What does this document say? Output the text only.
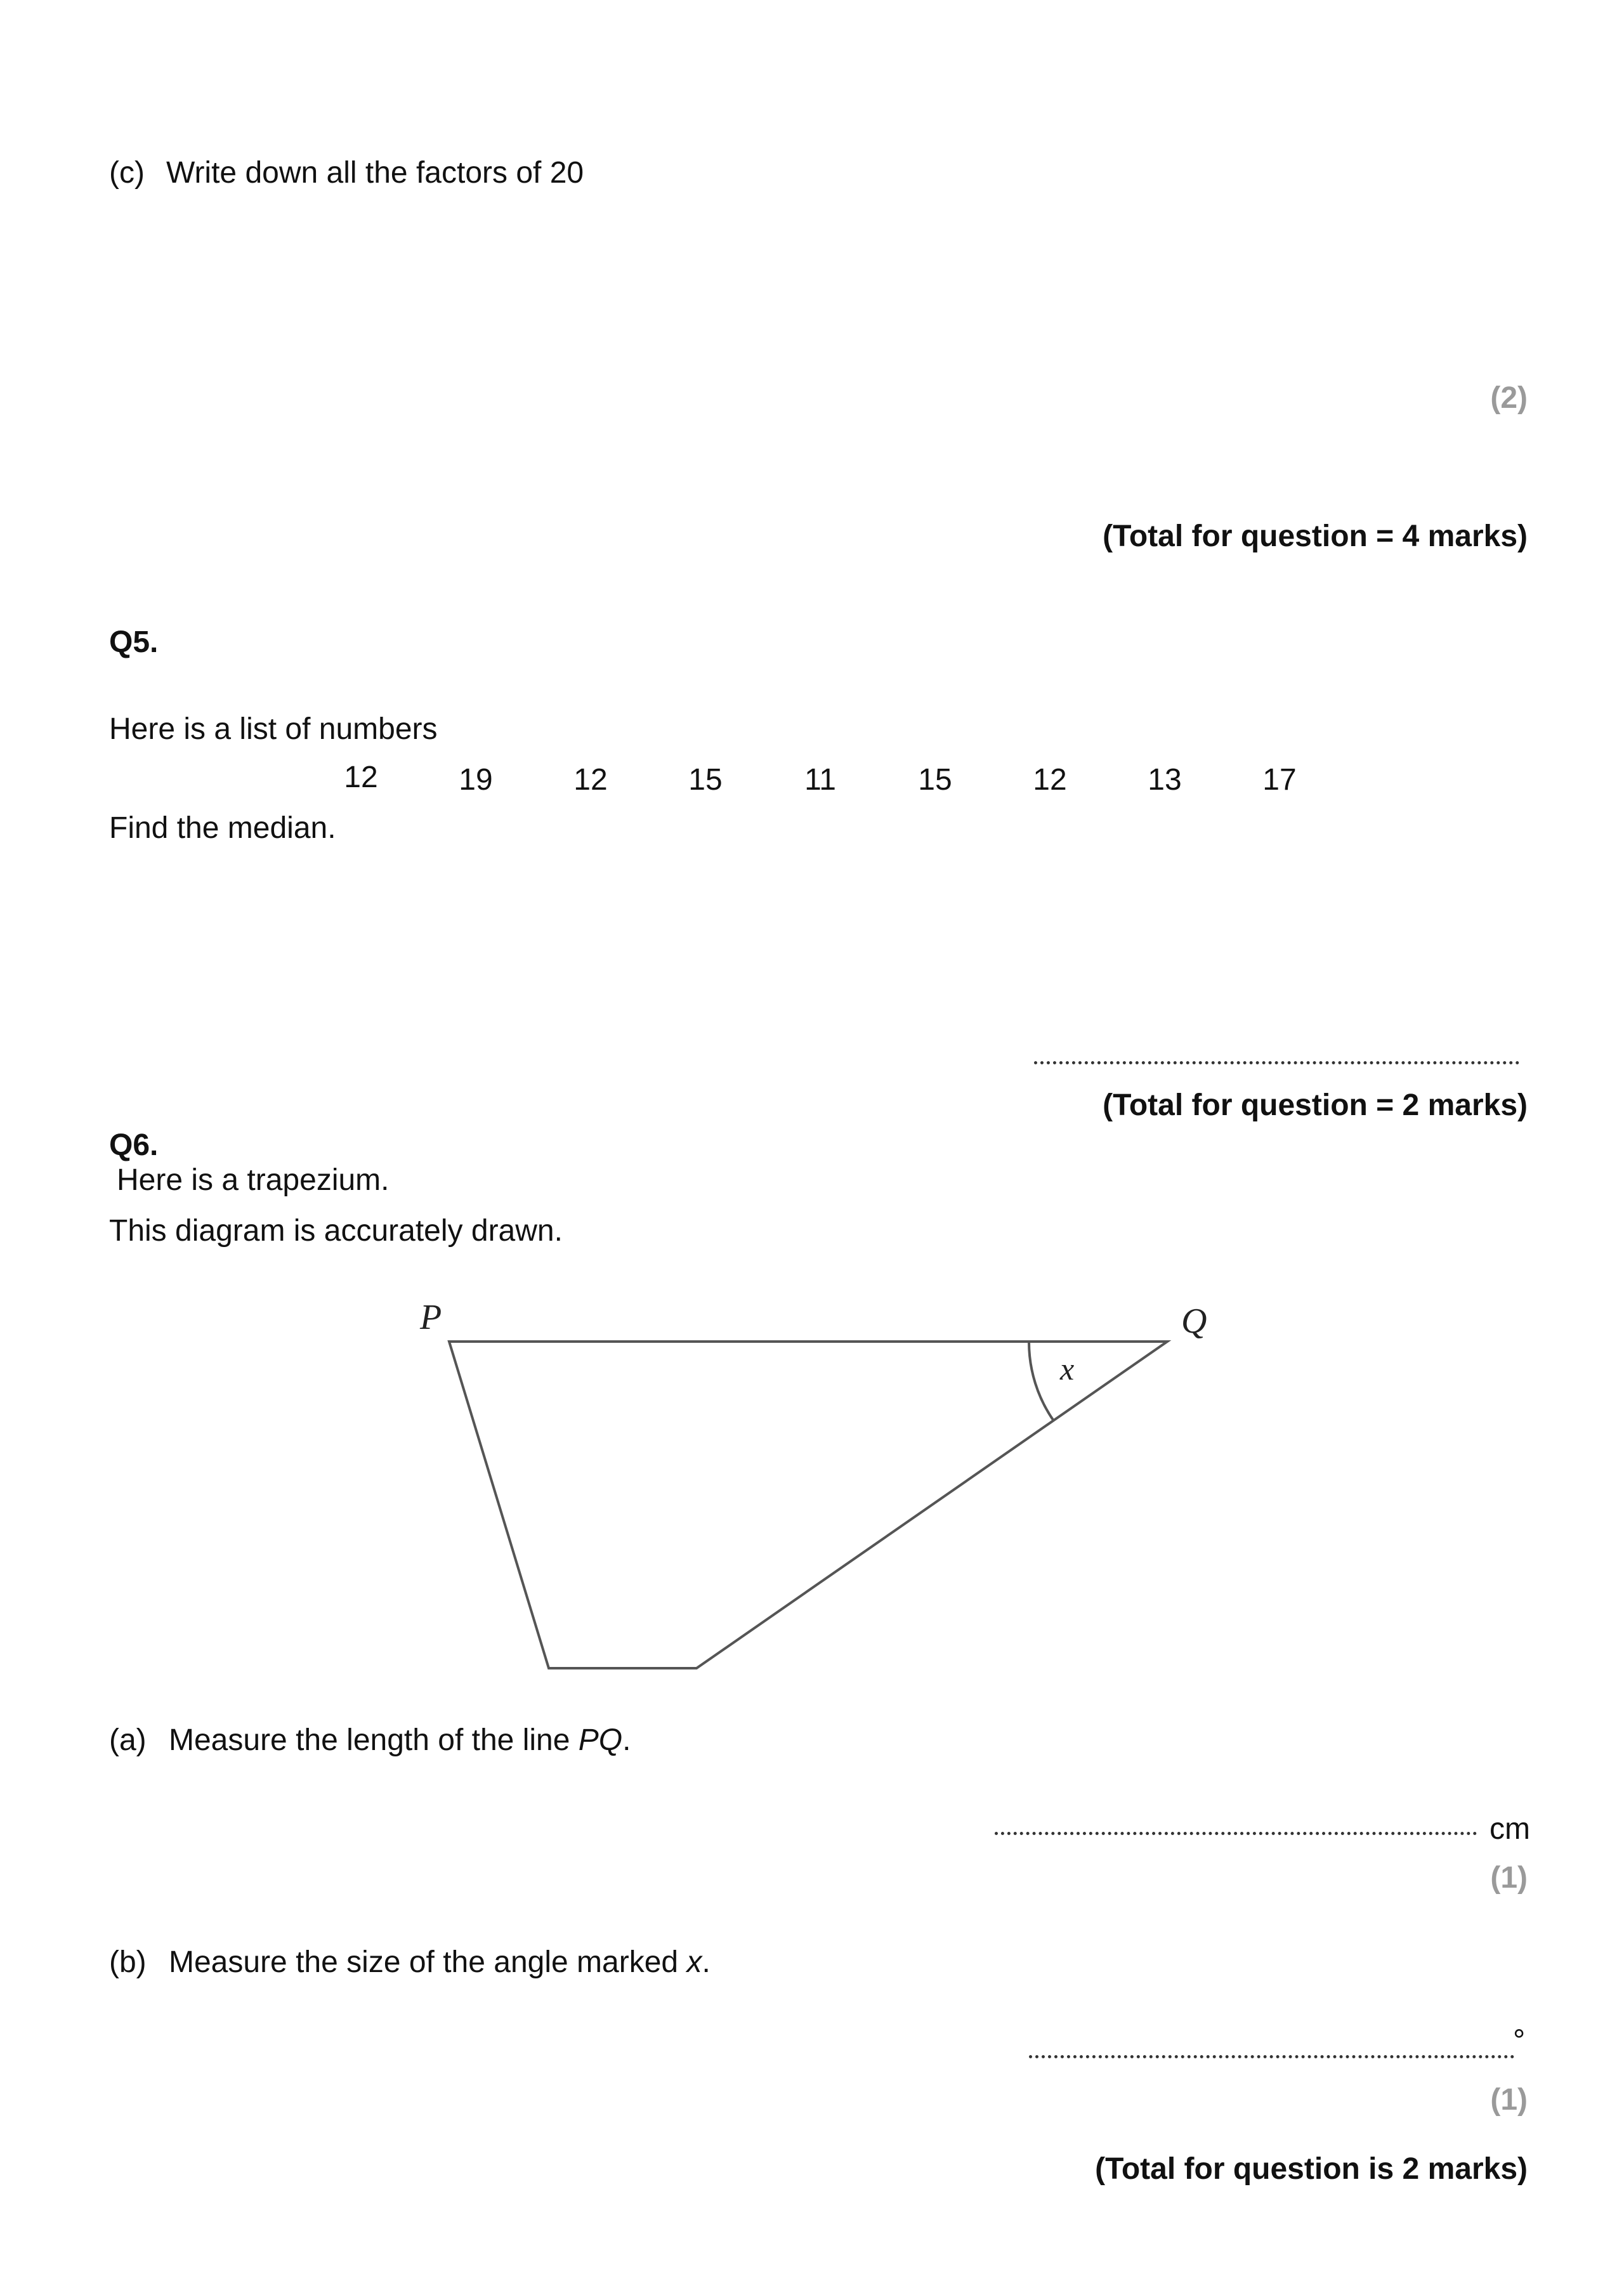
(c) Write down all the factors of 20
(2)
(Total for question = 4 marks)
Q5.
Here is a list of numbers
12	19	12	15	11	15	12	13	17
Find the median.
(Total for question = 2 marks)
Q6.
Here is a trapezium.
This diagram is accurately drawn.
P	Q
x
(a) Measure the length of the line PQ.
cm
(1)
(b) Measure the size of the angle marked x.
°
(1)
(Total for question is 2 marks)
